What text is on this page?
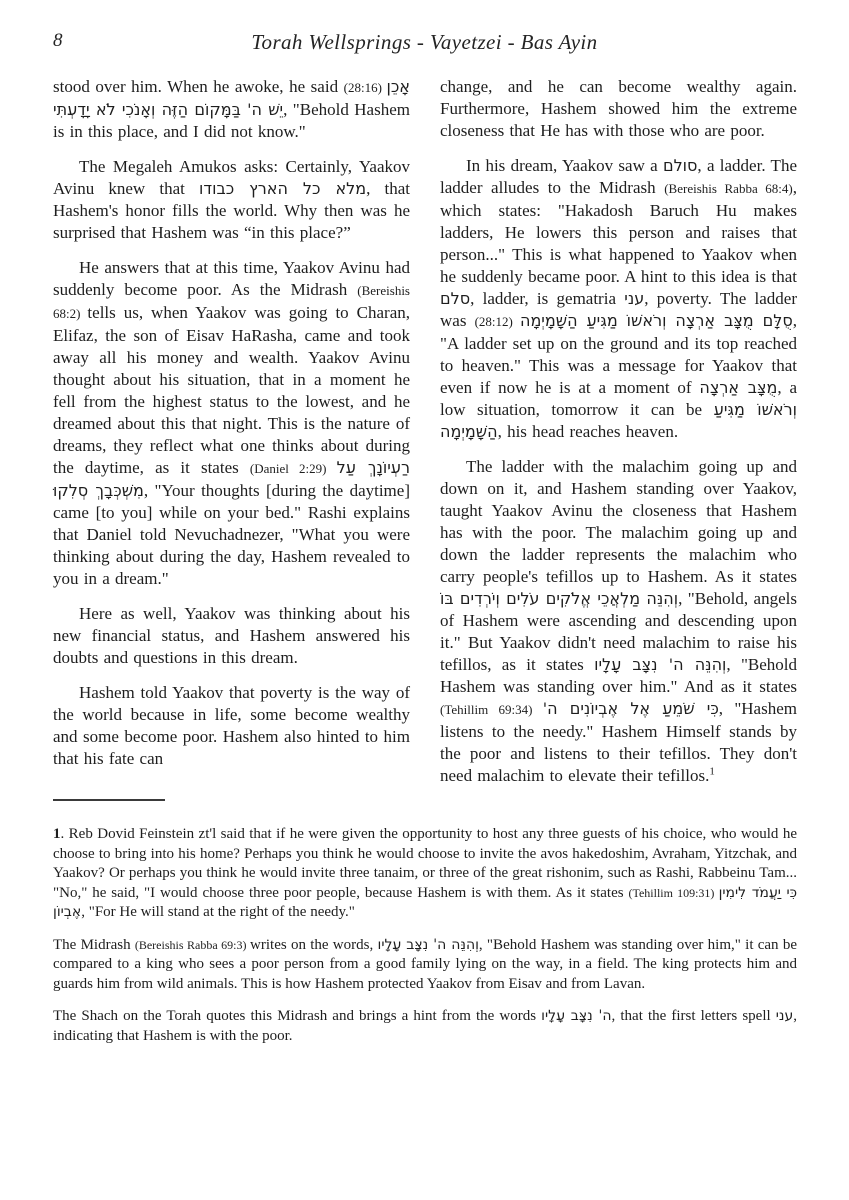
8	Torah Wellsprings - Vayetzei - Bas Ayin

stood over him. When he awoke, he said (28:16) אָכֵן יֵשׁ ה' בַּמָּקוֹם הַזֶּה וְאָנֹכִי לֹא יָדָעְתִּי, "Behold Hashem is in this place, and I did not know."

The Megaleh Amukos asks: Certainly, Yaakov Avinu knew that מלא כל הארץ כבודו, that Hashem's honor fills the world. Why then was he surprised that Hashem was “in this place?”

He answers that at this time, Yaakov Avinu had suddenly become poor. As the Midrash (Bereishis 68:2) tells us, when Yaakov was going to Charan, Elifaz, the son of Eisav HaRasha, came and took away all his money and wealth. Yaakov Avinu thought about his situation, that in a moment he fell from the highest status to the lowest, and he dreamed about this that night. This is the nature of dreams, they reflect what one thinks about during the daytime, as it states (Daniel 2:29) רַעְיוֹנָךְ עַל מִשְׁכְּבָךְ סְלִקוּ, "Your thoughts [during the daytime] came [to you] while on your bed." Rashi explains that Daniel told Nevuchadnezer, "What you were thinking about during the day, Hashem revealed to you in a dream."

Here as well, Yaakov was thinking about his new financial status, and Hashem answered his doubts and questions in this dream.

Hashem told Yaakov that poverty is the way of the world because in life, some become wealthy and some become poor. Hashem also hinted to him that his fate can

change, and he can become wealthy again. Furthermore, Hashem showed him the extreme closeness that He has with those who are poor.

In his dream, Yaakov saw a סולם, a ladder. The ladder alludes to the Midrash (Bereishis Rabba 68:4), which states: "Hakadosh Baruch Hu makes ladders, He lowers this person and raises that person..." This is what happened to Yaakov when he suddenly became poor. A hint to this idea is that סלם, ladder, is gematria עני, poverty. The ladder was (28:12) סֻלָּם מֻצָּב אַרְצָה וְרֹאשׁוֹ מַגִּיעַ הַשָּׁמָיְמָה, "A ladder set up on the ground and its top reached to heaven." This was a message for Yaakov that even if now he is at a moment of מֻצָּב אַרְצָה, a low situation, tomorrow it can be וְרֹאשׁוֹ מַגִּיעַ הַשָּׁמָיְמָה, his head reaches heaven.

The ladder with the malachim going up and down on it, and Hashem standing over Yaakov, taught Yaakov Avinu the closeness that Hashem has with the poor. The malachim going up and down the ladder represents the malachim who carry people's tefillos up to Hashem. As it states וְהִנֵּה מַלְאֲכֵי אֱלֹקִים עֹלִים וְיֹרְדִים בּוֹ, "Behold, angels of Hashem were ascending and descending upon it." But Yaakov didn't need malachim to raise his tefillos, as it states וְהִנֵּה ה' נִצָּב עָלָיו, "Behold Hashem was standing over him." And as it states (Tehillim 69:34) כִּי שֹׁמֵעַ אֶל אֶבְיוֹנִים ה', "Hashem listens to the needy." Hashem Himself stands by the poor and listens to their tefillos. They don't need malachim to elevate their tefillos.$^1$

1. Reb Dovid Feinstein zt'l said that if he were given the opportunity to host any three guests of his choice, who would he choose to bring into his home? Perhaps you think he would choose to invite the avos hakedoshim, Avraham, Yitzchak, and Yaakov? Or perhaps you think he would invite three tanaim, or three of the great rishonim, such as Rashi, Rabbeinu Tam... "No," he said, "I would choose three poor people, because Hashem is with them. As it states (Tehillim 109:31) כִּי יַעֲמֹד לִימִין אֶבְיוֹן, "For He will stand at the right of the needy."

The Midrash (Bereishis Rabba 69:3) writes on the words, וְהִנֵּה ה' נִצָּב עָלָיו, "Behold Hashem was standing over him," it can be compared to a king who sees a poor person from a good family lying on the way, in a field. The king protects him and guards him from wild animals. This is how Hashem protected Yaakov from Eisav and from Lavan.

The Shach on the Torah quotes this Midrash and brings a hint from the words ה' נִצָּב עָלָיו, that the first letters spell עני, indicating that Hashem is with the poor.
